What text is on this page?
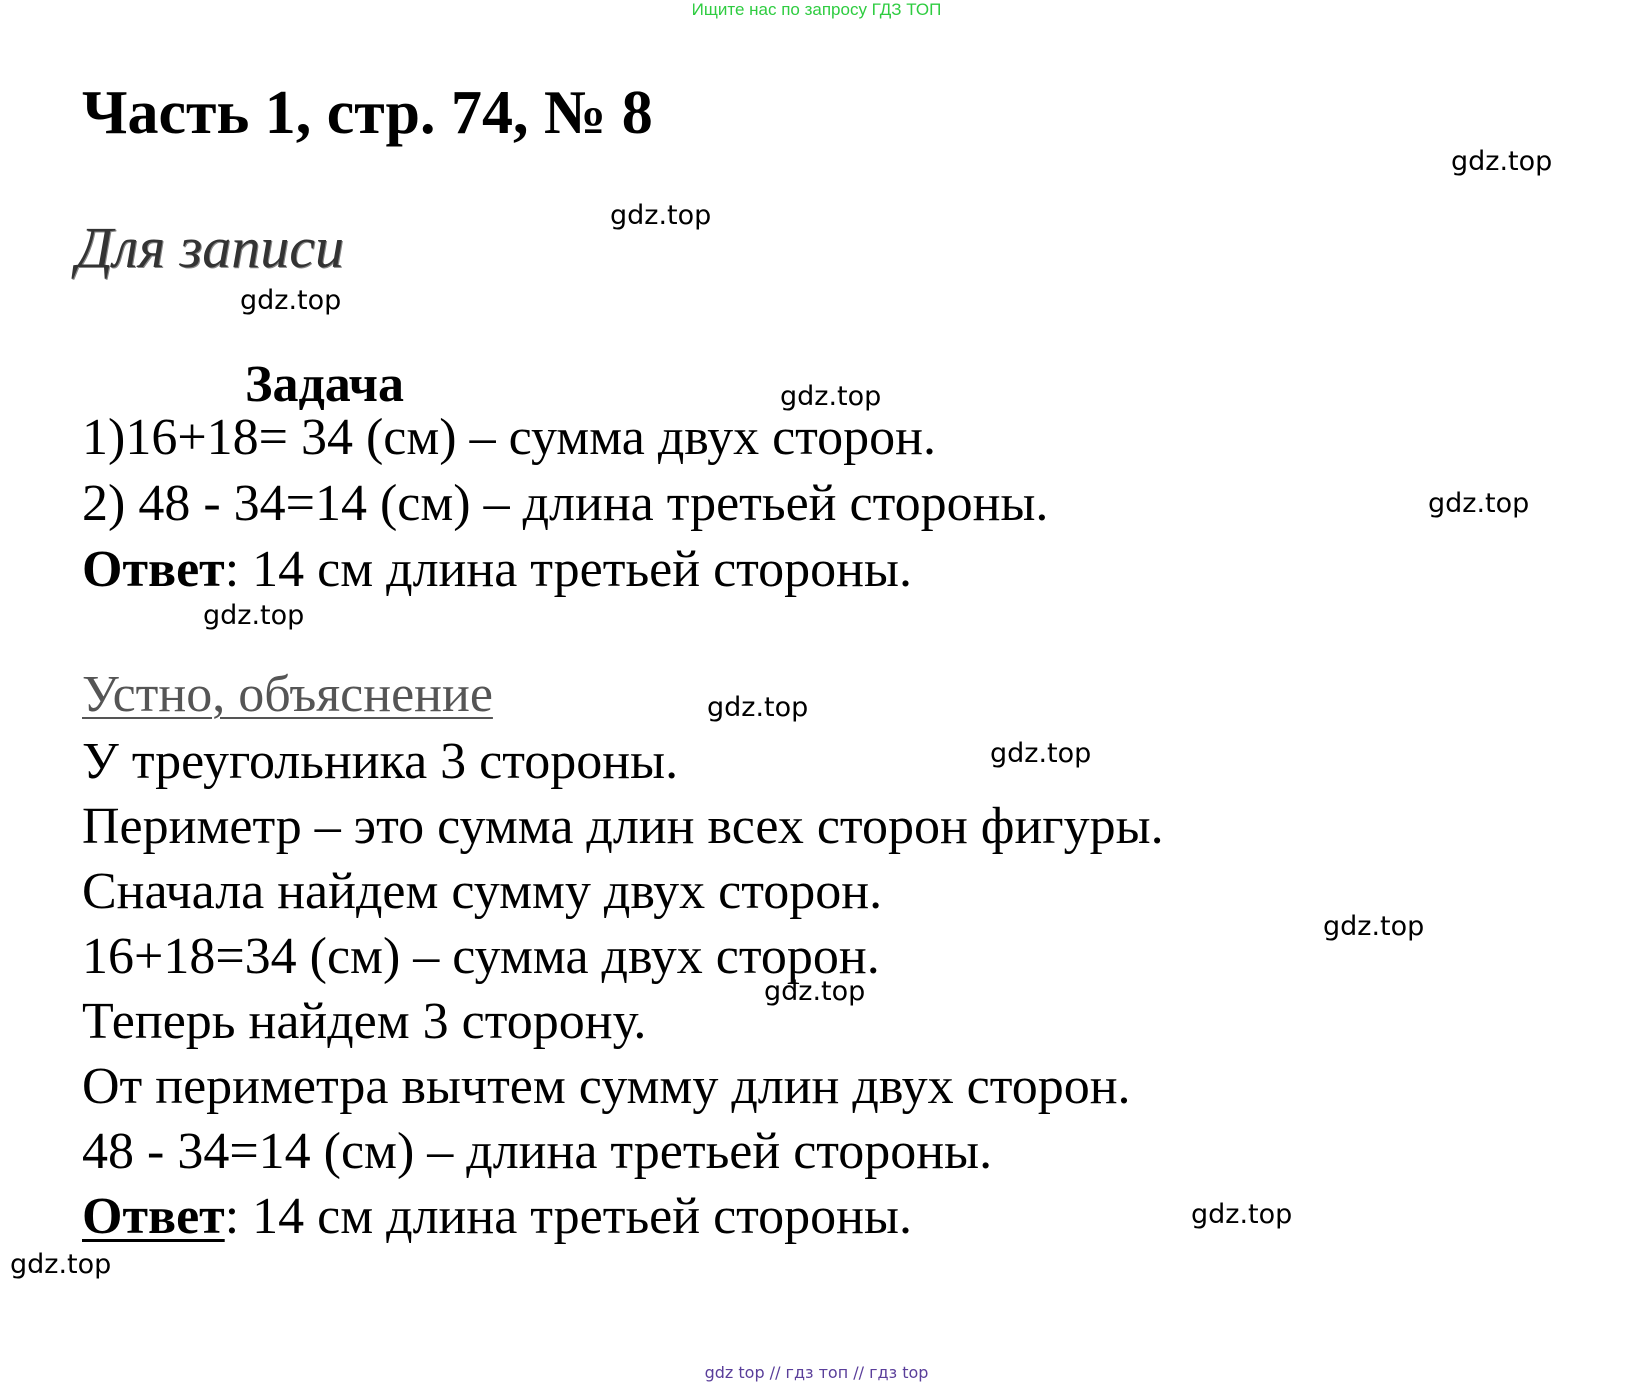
Ищите нас по запросу ГДЗ ТОП
Часть 1, стр. 74, № 8
Для записи
Задача
1)16+18= 34 (см) – сумма двух сторон.
2) 48 - 34=14 (см) – длина третьей стороны.
Ответ: 14 см длина третьей стороны.
Устно, объяснение
У треугольника 3 стороны.
Периметр – это сумма длин всех сторон фигуры.
Сначала найдем сумму двух сторон.
16+18=34 (см) – сумма двух сторон.
Теперь найдем 3 сторону.
От периметра вычтем сумму длин двух сторон.
48 - 34=14 (см) – длина третьей стороны.
Ответ: 14 см длина третьей стороны.
gdz.top
gdz.top
gdz.top
gdz.top
gdz.top
gdz.top
gdz.top
gdz.top
gdz.top
gdz.top
gdz.top
gdz.top
gdz top // гдз топ // гдз top
